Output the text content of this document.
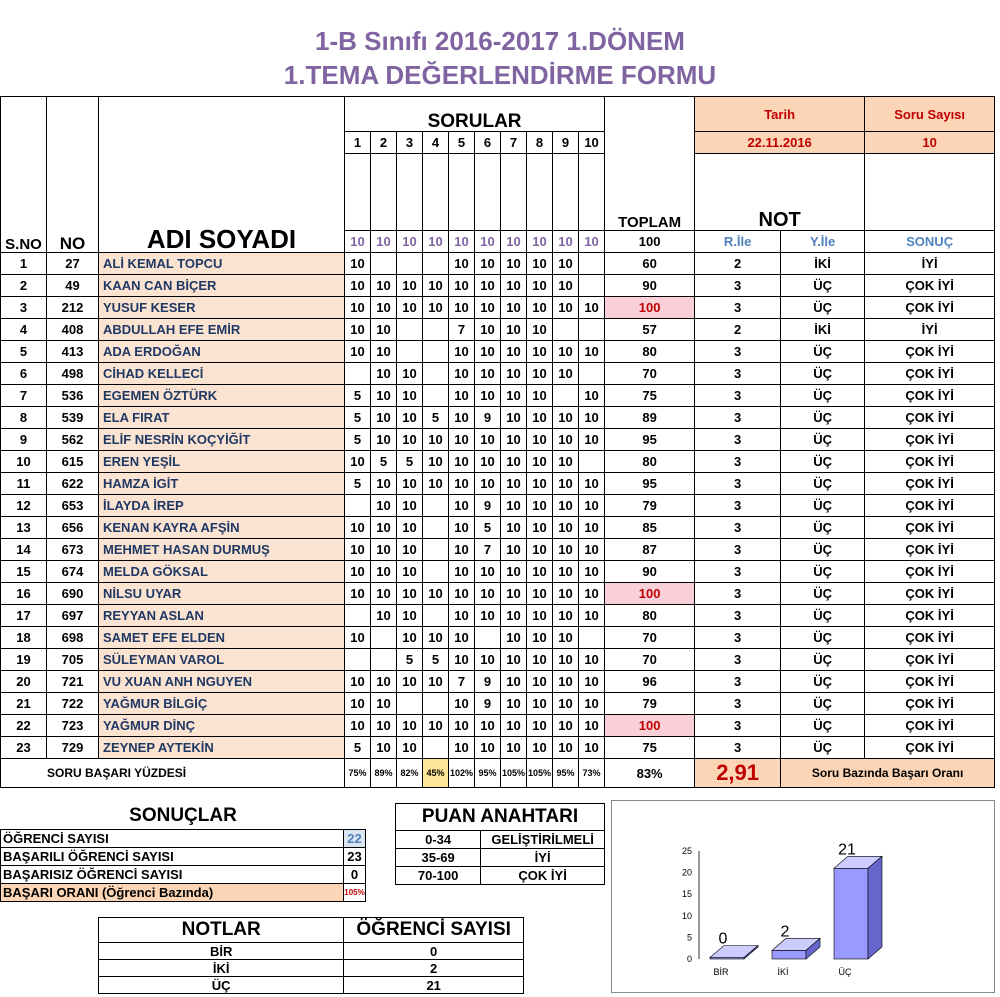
1-B Sınıfı 2016-2017 1.DÖNEM
1.TEMA DEĞERLENDİRME FORMU
S.NO	NO	ADI SOYADI	SORULAR										TOPLAM	Tarih		Soru Sayısı
			1	2	3	4	5	6	7	8	9	10		22.11.2016		10
														NOT		
			10	10	10	10	10	10	10	10	10	10	100	R.İle	Y.İle	SONUÇ
1	27	ALİ KEMAL TOPCU	10				10	10	10	10	10		60	2	İKİ	İYİ
2	49	KAAN CAN BİÇER	10	10	10	10	10	10	10	10	10		90	3	ÜÇ	ÇOK İYİ
3	212	YUSUF KESER	10	10	10	10	10	10	10	10	10	10	100	3	ÜÇ	ÇOK İYİ
4	408	ABDULLAH EFE EMİR	10	10			7	10	10	10			57	2	İKİ	İYİ
5	413	ADA ERDOĞAN	10	10			10	10	10	10	10	10	80	3	ÜÇ	ÇOK İYİ
6	498	CİHAD KELLECİ		10	10		10	10	10	10	10		70	3	ÜÇ	ÇOK İYİ
7	536	EGEMEN ÖZTÜRK	5	10	10		10	10	10	10		10	75	3	ÜÇ	ÇOK İYİ
8	539	ELA FIRAT	5	10	10	5	10	9	10	10	10	10	89	3	ÜÇ	ÇOK İYİ
9	562	ELİF NESRİN KOÇYİĞİT	5	10	10	10	10	10	10	10	10	10	95	3	ÜÇ	ÇOK İYİ
10	615	EREN YEŞİL	10	5	5	10	10	10	10	10	10		80	3	ÜÇ	ÇOK İYİ
11	622	HAMZA İGİT	5	10	10	10	10	10	10	10	10	10	95	3	ÜÇ	ÇOK İYİ
12	653	İLAYDA İREP		10	10		10	9	10	10	10	10	79	3	ÜÇ	ÇOK İYİ
13	656	KENAN KAYRA AFŞİN	10	10	10		10	5	10	10	10	10	85	3	ÜÇ	ÇOK İYİ
14	673	MEHMET HASAN DURMUŞ	10	10	10		10	7	10	10	10	10	87	3	ÜÇ	ÇOK İYİ
15	674	MELDA GÖKSAL	10	10	10		10	10	10	10	10	10	90	3	ÜÇ	ÇOK İYİ
16	690	NİLSU UYAR	10	10	10	10	10	10	10	10	10	10	100	3	ÜÇ	ÇOK İYİ
17	697	REYYAN ASLAN		10	10		10	10	10	10	10	10	80	3	ÜÇ	ÇOK İYİ
18	698	SAMET EFE ELDEN	10		10	10	10		10	10	10		70	3	ÜÇ	ÇOK İYİ
19	705	SÜLEYMAN VAROL			5	5	10	10	10	10	10	10	70	3	ÜÇ	ÇOK İYİ
20	721	VU XUAN ANH NGUYEN	10	10	10	10	7	9	10	10	10	10	96	3	ÜÇ	ÇOK İYİ
21	722	YAĞMUR BİLGİÇ	10	10			10	9	10	10	10	10	79	3	ÜÇ	ÇOK İYİ
22	723	YAĞMUR DİNÇ	10	10	10	10	10	10	10	10	10	10	100	3	ÜÇ	ÇOK İYİ
23	729	ZEYNEP AYTEKİN	5	10	10		10	10	10	10	10	10	75	3	ÜÇ	ÇOK İYİ
SORU BAŞARI YÜZDESİ			75%	89%	82%	45%	102%	95%	105%	105%	95%	73%	83%	2,91	Soru Bazında Başarı Oranı	
SONUÇLAR	
ÖĞRENCİ SAYISI	22
BAŞARILI ÖĞRENCİ SAYISI	23
BAŞARISIZ ÖĞRENCİ SAYISI	0
BAŞARI ORANI (Öğrenci Bazında)	105%
PUAN ANAHTARI	
0-34	GELİŞTİRİLMELİ
35-69	İYİ
70-100	ÇOK İYİ
NOTLAR	ÖĞRENCİ SAYISI
BİR	0
İKİ	2
ÜÇ	21
0
5
10
15
20
25
0
BİR
2
İKİ
21
ÜÇ
